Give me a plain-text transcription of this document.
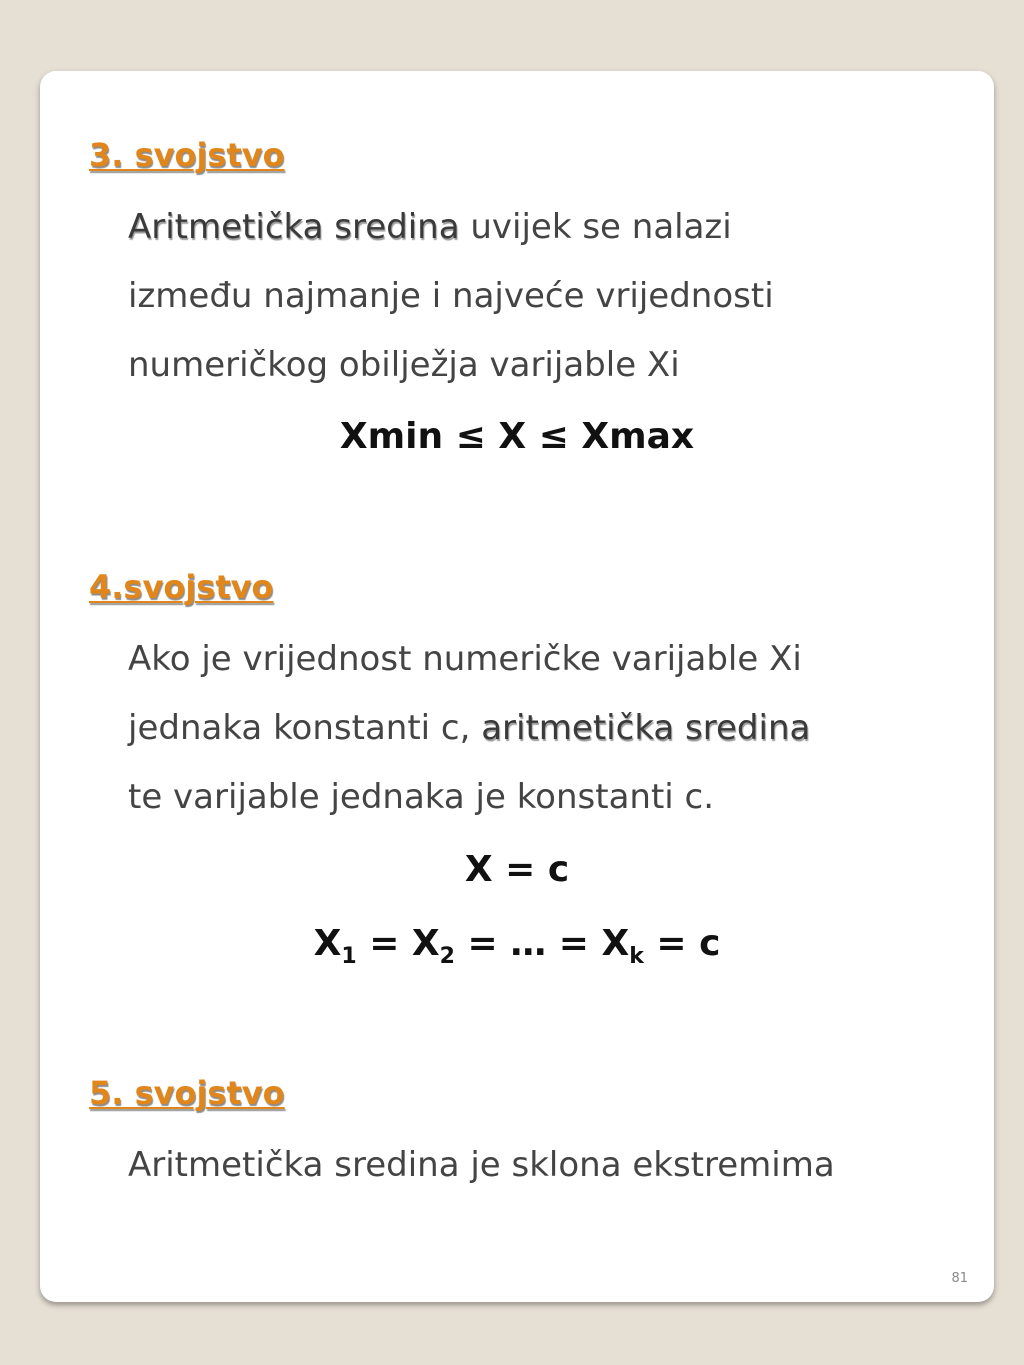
3. svojstvo
Aritmetička sredina uvijek se nalazi
između najmanje i najveće vrijednosti
numeričkog obilježja varijable Xi
Xmin ≤ X ≤ Xmax
4.svojstvo
Ako je vrijednost numeričke varijable Xi
jednaka konstanti c, aritmetička sredina
te varijable jednaka je konstanti c.
X = c
$X_1 = X_2$ = … = $X_k = c$
5. svojstvo
Aritmetička sredina je sklona ekstremima
81
